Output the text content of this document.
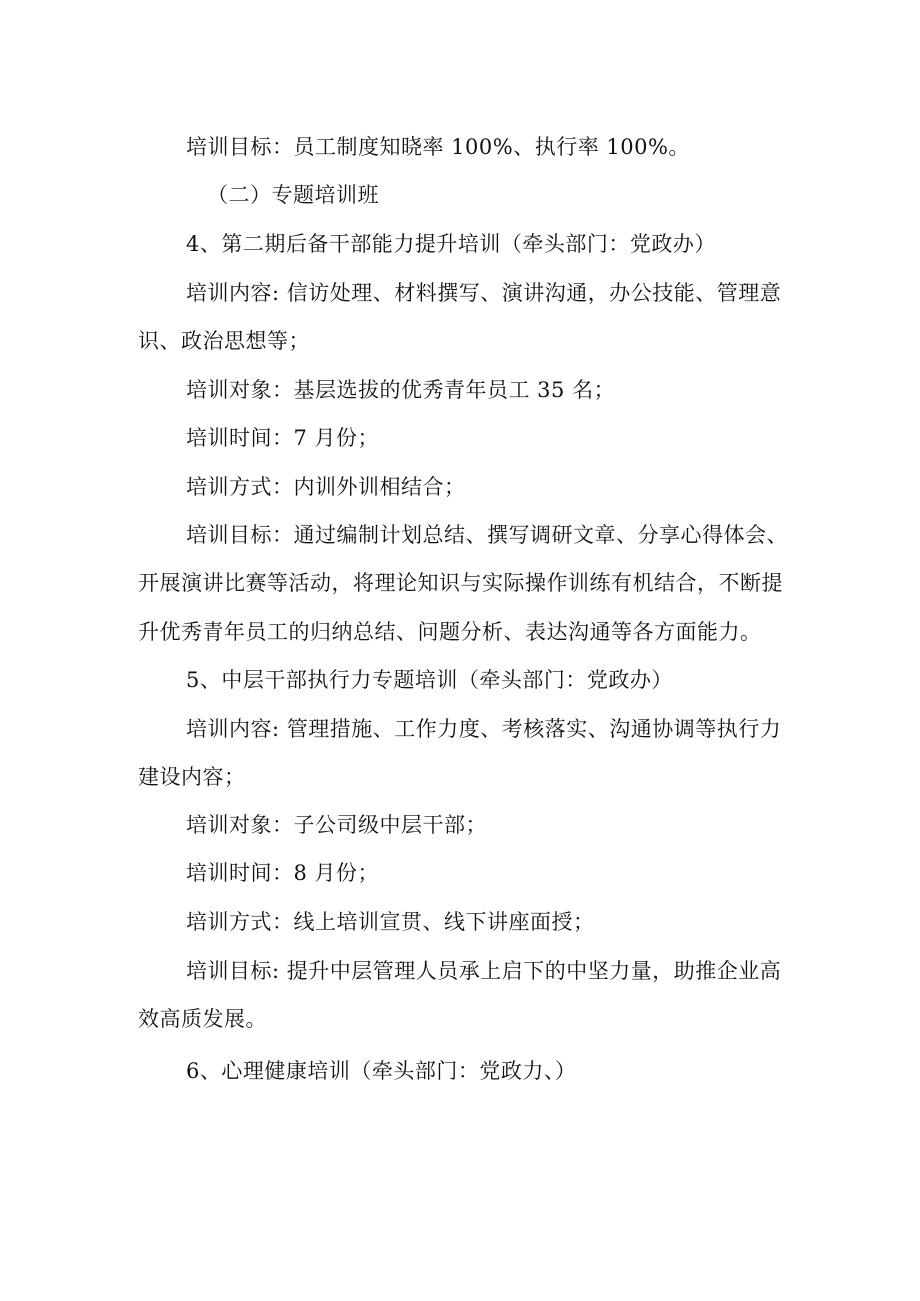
培训目标：员工制度知晓率 100%、执行率 100%。
（二）专题培训班
4、第二期后备干部能力提升培训（牵头部门：党政办）
培训内容: 信访处理、材料撰写、演讲沟通，办公技能、管理意
识、政治思想等；
培训对象：基层选拔的优秀青年员工 35 名；
培训时间：7 月份；
培训方式：内训外训相结合；
培训目标：通过编制计划总结、撰写调研文章、分享心得体会、
开展演讲比赛等活动，将理论知识与实际操作训练有机结合，不断提
升优秀青年员工的归纳总结、问题分析、表达沟通等各方面能力。
5、中层干部执行力专题培训（牵头部门：党政办）
培训内容: 管理措施、工作力度、考核落实、沟通协调等执行力
建设内容；
培训对象：子公司级中层干部；
培训时间：8 月份；
培训方式：线上培训宣贯、线下讲座面授；
培训目标: 提升中层管理人员承上启下的中坚力量，助推企业高
效高质发展。
6、心理健康培训（牵头部门：党政力、）
